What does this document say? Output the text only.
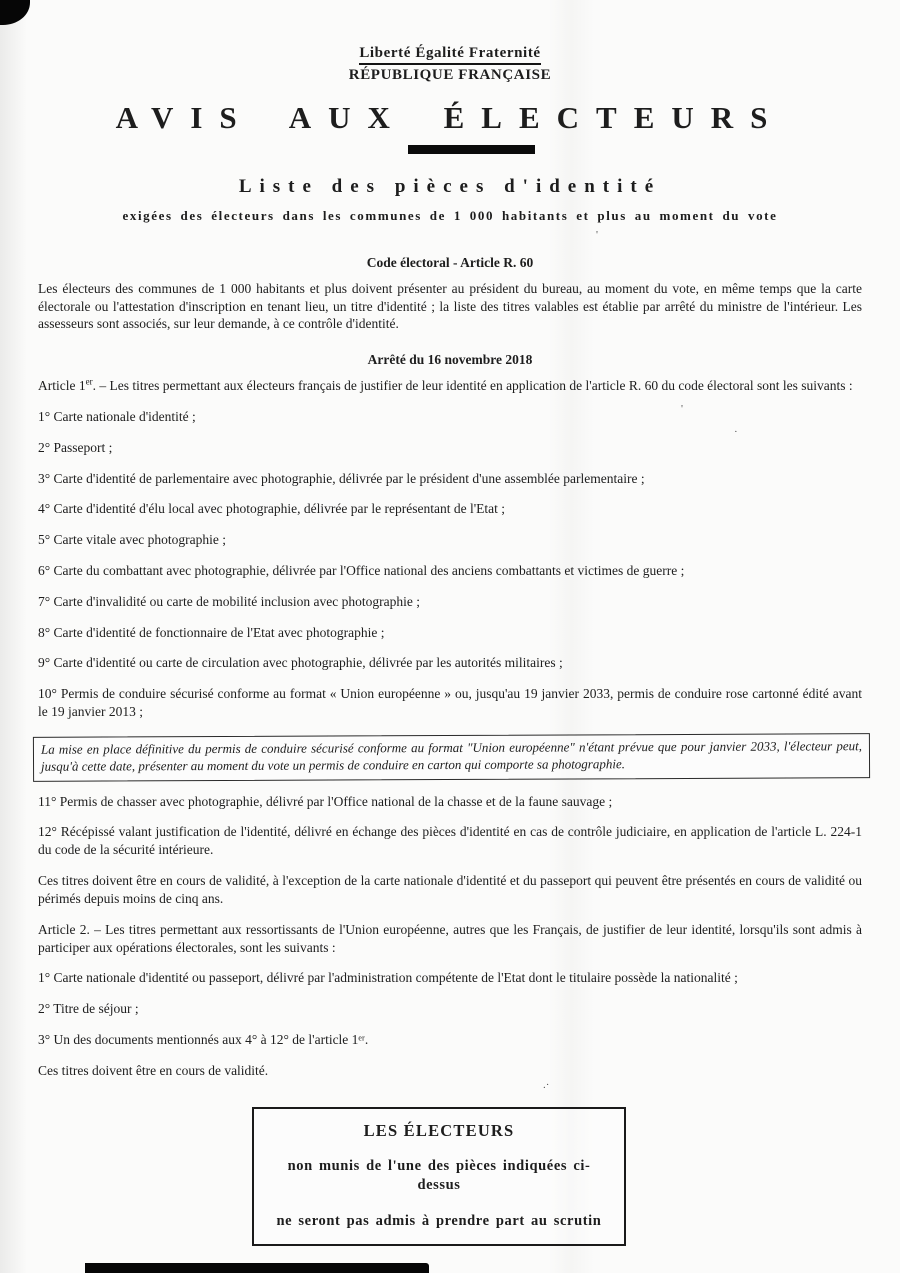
Liberté Égalité Fraternité
RÉPUBLIQUE FRANÇAISE
AVIS AUX ÉLECTEURS
Liste des pièces d'identité
exigées des électeurs dans les communes de 1 000 habitants et plus au moment du vote
Code électoral - Article R. 60

Les électeurs des communes de 1 000 habitants et plus doivent présenter au président du bureau, au moment du vote, en même temps que la carte électorale ou l'attestation d'inscription en tenant lieu, un titre d'identité ; la liste des titres valables est établie par arrêté du ministre de l'intérieur. Les assesseurs sont associés, sur leur demande, à ce contrôle d'identité.

Arrêté du 16 novembre 2018

Article 1er. – Les titres permettant aux électeurs français de justifier de leur identité en application de l'article R. 60 du code électoral sont les suivants :

1° Carte nationale d'identité ;

2° Passeport ;

3° Carte d'identité de parlementaire avec photographie, délivrée par le président d'une assemblée parlementaire ;

4° Carte d'identité d'élu local avec photographie, délivrée par le représentant de l'Etat ;

5° Carte vitale avec photographie ;

6° Carte du combattant avec photographie, délivrée par l'Office national des anciens combattants et victimes de guerre ;

7° Carte d'invalidité ou carte de mobilité inclusion avec photographie ;

8° Carte d'identité de fonctionnaire de l'Etat avec photographie ;

9° Carte d'identité ou carte de circulation avec photographie, délivrée par les autorités militaires ;

10° Permis de conduire sécurisé conforme au format « Union européenne » ou, jusqu'au 19 janvier 2033, permis de conduire rose cartonné édité avant le 19 janvier 2013 ;

La mise en place définitive du permis de conduire sécurisé conforme au format "Union européenne" n'étant prévue que pour janvier 2033, l'électeur peut, jusqu'à cette date, présenter au moment du vote un permis de conduire en carton qui comporte sa photographie.

11° Permis de chasser avec photographie, délivré par l'Office national de la chasse et de la faune sauvage ;

12° Récépissé valant justification de l'identité, délivré en échange des pièces d'identité en cas de contrôle judiciaire, en application de l'article L. 224-1 du code de la sécurité intérieure.

Ces titres doivent être en cours de validité, à l'exception de la carte nationale d'identité et du passeport qui peuvent être présentés en cours de validité ou périmés depuis moins de cinq ans.

Article 2. – Les titres permettant aux ressortissants de l'Union européenne, autres que les Français, de justifier de leur identité, lorsqu'ils sont admis à participer aux opérations électorales, sont les suivants :

1° Carte nationale d'identité ou passeport, délivré par l'administration compétente de l'Etat dont le titulaire possède la nationalité ;

2° Titre de séjour ;

3° Un des documents mentionnés aux 4° à 12° de l'article 1ᵉʳ.

Ces titres doivent être en cours de validité.

LES ÉLECTEURS

non munis de l'une des pièces indiquées ci-dessus

ne seront pas admis à prendre part au scrutin

'
'
·
.·
